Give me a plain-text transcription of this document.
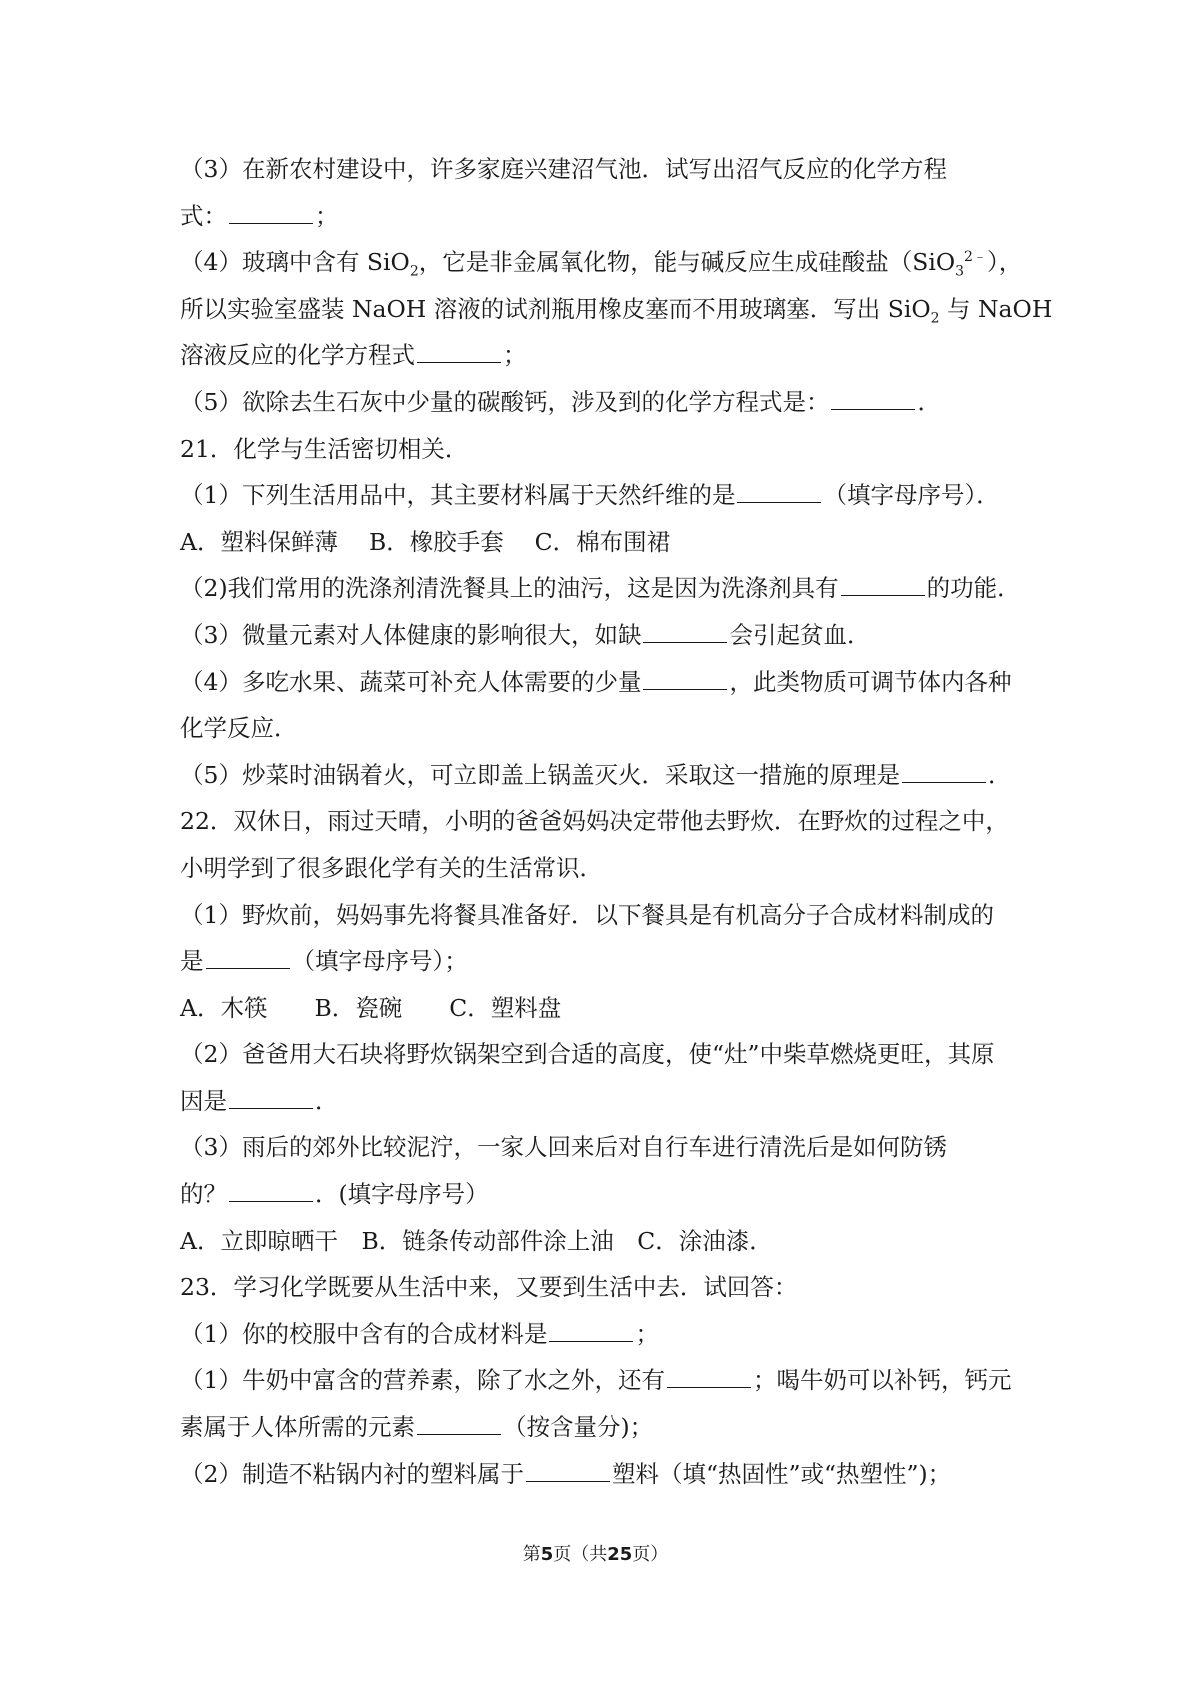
（3）在新农村建设中，许多家庭兴建沼气池．试写出沼气反应的化学方程
式：	；
（4）玻璃中含有 SiO$_2$，它是非金属氧化物，能与碱反应生成硅酸盐（SiO$_3^{2﹣}$），
所以实验室盛装 NaOH 溶液的试剂瓶用橡皮塞而不用玻璃塞．写出 SiO$_2$ 与 NaOH
溶液反应的化学方程式	；
（5）欲除去生石灰中少量的碳酸钙，涉及到的化学方程式是：	．
21．化学与生活密切相关．
（1）下列生活用品中，其主要材料属于天然纤维的是	（填字母序号）．
A．塑料保鲜薄　 B．橡胶手套　 C．棉布围裙
（2)我们常用的洗涤剂清洗餐具上的油污，这是因为洗涤剂具有	的功能．
（3）微量元素对人体健康的影响很大，如缺	会引起贫血．
（4）多吃水果、蔬菜可补充人体需要的少量	，此类物质可调节体内各种
化学反应．
（5）炒菜时油锅着火，可立即盖上锅盖灭火．采取这一措施的原理是	．
22．双休日，雨过天晴，小明的爸爸妈妈决定带他去野炊．在野炊的过程之中，
小明学到了很多跟化学有关的生活常识．
（1）野炊前，妈妈事先将餐具准备好．以下餐具是有机高分子合成材料制成的
是	（填字母序号）；
A．木筷　　B．瓷碗　　C．塑料盘
（2）爸爸用大石块将野炊锅架空到合适的高度，使“灶”中柴草燃烧更旺，其原
因是	．
（3）雨后的郊外比较泥泞，一家人回来后对自行车进行清洗后是如何防锈
的？	．(填字母序号）
A．立即晾晒干　B．链条传动部件涂上油　C．涂油漆．
23．学习化学既要从生活中来，又要到生活中去．试回答：
（1）你的校服中含有的合成材料是	；
（1）牛奶中富含的营养素，除了水之外，还有	；喝牛奶可以补钙，钙元
素属于人体所需的元素	（按含量分)；
（2）制造不粘锅内衬的塑料属于	塑料（填“热固性”或“热塑性”)；
第5页（共25页）
